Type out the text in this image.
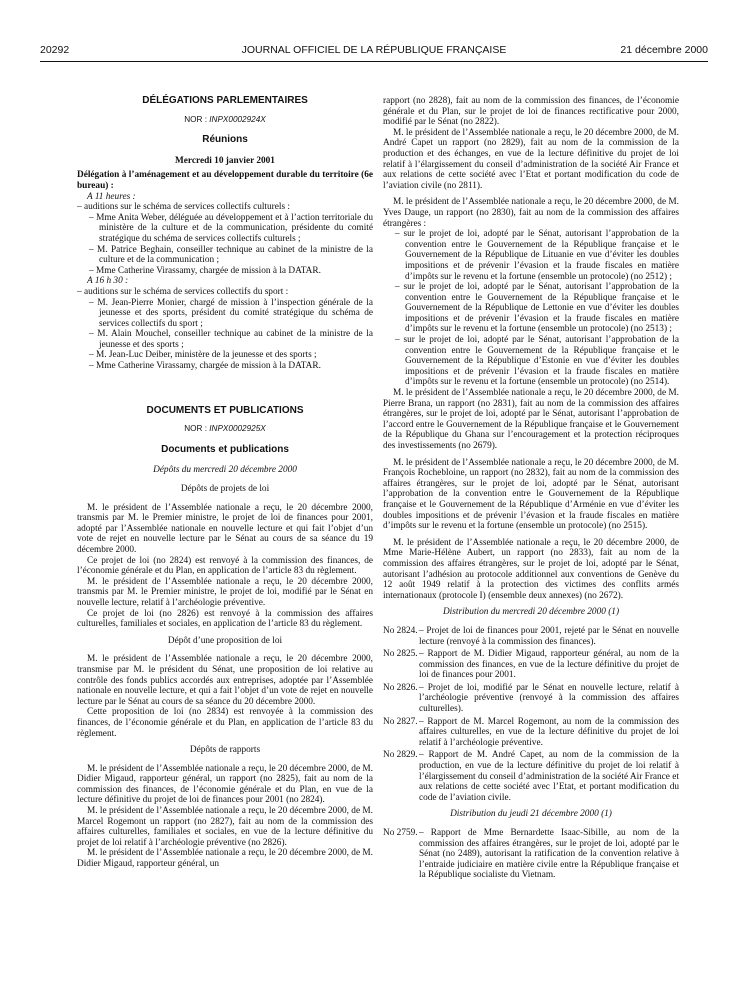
20292	JOURNAL OFFICIEL DE LA RÉPUBLIQUE FRANÇAISE	21 décembre 2000
DÉLÉGATIONS PARLEMENTAIRES
NOR : INPX0002924X
Réunions
Mercredi 10 janvier 2001

Délégation à l’aménagement et au développement durable du territoire (6e bureau) :

A 11 heures :
– auditions sur le schéma de services collectifs culturels :
– Mme Anita Weber, déléguée au développement et à l’action territoriale du ministère de la culture et de la communication, présidente du comité stratégique du schéma de services collectifs culturels ;
– M. Patrice Beghain, conseiller technique au cabinet de la ministre de la culture et de la communication ;
– Mme Catherine Virassamy, chargée de mission à la DATAR.
A 16 h 30 :
– auditions sur le schéma de services collectifs du sport :
– M. Jean-Pierre Monier, chargé de mission à l’inspection générale de la jeunesse et des sports, président du comité stratégique du schéma de services collectifs du sport ;
– M. Alain Mouchel, conseiller technique au cabinet de la ministre de la jeunesse et des sports ;
– M. Jean-Luc Deiber, ministère de la jeunesse et des sports ;
– Mme Catherine Virassamy, chargée de mission à la DATAR.
DOCUMENTS ET PUBLICATIONS
NOR : INPX0002925X
Documents et publications
Dépôts du mercredi 20 décembre 2000
Dépôts de projets de loi

M. le président de l’Assemblée nationale a reçu, le 20 décembre 2000, transmis par M. le Premier ministre, le projet de loi de finances pour 2001, adopté par l’Assemblée nationale en nouvelle lecture et qui fait l’objet d’un vote de rejet en nouvelle lecture par le Sénat au cours de sa séance du 19 décembre 2000.

Ce projet de loi (no 2824) est renvoyé à la commission des finances, de l’économie générale et du Plan, en application de l’article 83 du règlement.

M. le président de l’Assemblée nationale a reçu, le 20 décembre 2000, transmis par M. le Premier ministre, le projet de loi, modifié par le Sénat en nouvelle lecture, relatif à l’archéologie préventive.

Ce projet de loi (no 2826) est renvoyé à la commission des affaires culturelles, familiales et sociales, en application de l’article 83 du règlement.

Dépôt d’une proposition de loi

M. le président de l’Assemblée nationale a reçu, le 20 décembre 2000, transmise par M. le président du Sénat, une proposition de loi relative au contrôle des fonds publics accordés aux entreprises, adoptée par l’Assemblée nationale en nouvelle lecture, et qui a fait l’objet d’un vote de rejet en nouvelle lecture par le Sénat au cours de sa séance du 20 décembre 2000.

Cette proposition de loi (no 2834) est renvoyée à la commission des finances, de l’économie générale et du Plan, en application de l’article 83 du règlement.

Dépôts de rapports

M. le président de l’Assemblée nationale a reçu, le 20 décembre 2000, de M. Didier Migaud, rapporteur général, un rapport (no 2825), fait au nom de la commission des finances, de l’économie générale et du Plan, en vue de la lecture définitive du projet de loi de finances pour 2001 (no 2824).

M. le président de l’Assemblée nationale a reçu, le 20 décembre 2000, de M. Marcel Rogemont un rapport (no 2827), fait au nom de la commission des affaires culturelles, familiales et sociales, en vue de la lecture définitive du projet de loi relatif à l’archéologie préventive (no 2826).

M. le président de l’Assemblée nationale a reçu, le 20 décembre 2000, de M. Didier Migaud, rapporteur général, un

rapport (no 2828), fait au nom de la commission des finances, de l’économie générale et du Plan, sur le projet de loi de finances rectificative pour 2000, modifié par le Sénat (no 2822).

M. le président de l’Assemblée nationale a reçu, le 20 décembre 2000, de M. André Capet un rapport (no 2829), fait au nom de la commission de la production et des échanges, en vue de la lecture définitive du projet de loi relatif à l’élargissement du conseil d’administration de la société Air France et aux relations de cette société avec l’Etat et portant modification du code de l’aviation civile (no 2811).

M. le président de l’Assemblée nationale a reçu, le 20 décembre 2000, de M. Yves Dauge, un rapport (no 2830), fait au nom de la commission des affaires étrangères :

– sur le projet de loi, adopté par le Sénat, autorisant l’approbation de la convention entre le Gouvernement de la République française et le Gouvernement de la République de Lituanie en vue d’éviter les doubles impositions et de prévenir l’évasion et la fraude fiscales en matière d’impôts sur le revenu et la fortune (ensemble un protocole) (no 2512) ;
– sur le projet de loi, adopté par le Sénat, autorisant l’approbation de la convention entre le Gouvernement de la République française et le Gouvernement de la République de Lettonie en vue d’éviter les doubles impositions et de prévenir l’évasion et la fraude fiscales en matière d’impôts sur le revenu et la fortune (ensemble un protocole) (no 2513) ;
– sur le projet de loi, adopté par le Sénat, autorisant l’approbation de la convention entre le Gouvernement de la République française et le Gouvernement de la République d’Estonie en vue d’éviter les doubles impositions et de prévenir l’évasion et la fraude fiscales en matière d’impôts sur le revenu et la fortune (ensemble un protocole) (no 2514).

M. le président de l’Assemblée nationale a reçu, le 20 décembre 2000, de M. Pierre Brana, un rapport (no 2831), fait au nom de la commission des affaires étrangères, sur le projet de loi, adopté par le Sénat, autorisant l’approbation de l’accord entre le Gouvernement de la République française et le Gouvernement de la République du Ghana sur l’encouragement et la protection réciproques des investissements (no 2679).

M. le président de l’Assemblée nationale a reçu, le 20 décembre 2000, de M. François Rochebloine, un rapport (no 2832), fait au nom de la commission des affaires étrangères, sur le projet de loi, adopté par le Sénat, autorisant l’approbation de la convention entre le Gouvernement de la République française et le Gouvernement de la République d’Arménie en vue d’éviter les doubles impositions et de prévenir l’évasion et la fraude fiscales en matière d’impôts sur le revenu et la fortune (ensemble un protocole) (no 2515).

M. le président de l’Assemblée nationale a reçu, le 20 décembre 2000, de Mme Marie-Hélène Aubert, un rapport (no 2833), fait au nom de la commission des affaires étrangères, sur le projet de loi, adopté par le Sénat, autorisant l’adhésion au protocole additionnel aux conventions de Genève du 12 août 1949 relatif à la protection des victimes des conflits armés internationaux (protocole I) (ensemble deux annexes) (no 2672).

Distribution du mercredi 20 décembre 2000 (1)
No 2824. – Projet de loi de finances pour 2001, rejeté par le Sénat en nouvelle lecture (renvoyé à la commission des finances).
No 2825. – Rapport de M. Didier Migaud, rapporteur général, au nom de la commission des finances, en vue de la lecture définitive du projet de loi de finances pour 2001.
No 2826. – Projet de loi, modifié par le Sénat en nouvelle lecture, relatif à l’archéologie préventive (renvoyé à la commission des affaires culturelles).
No 2827. – Rapport de M. Marcel Rogemont, au nom de la commission des affaires culturelles, en vue de la lecture définitive du projet de loi relatif à l’archéologie préventive.
No 2829. – Rapport de M. André Capet, au nom de la commission de la production, en vue de la lecture définitive du projet de loi relatif à l’élargissement du conseil d’administration de la société Air France et aux relations de cette société avec l’Etat, et portant modification du code de l’aviation civile.
Distribution du jeudi 21 décembre 2000 (1)
No 2759. – Rapport de Mme Bernardette Isaac-Sibille, au nom de la commission des affaires étrangères, sur le projet de loi, adopté par le Sénat (no 2489), autorisant la ratification de la convention relative à l’entraide judiciaire en matière civile entre la République française et la République socialiste du Vietnam.
